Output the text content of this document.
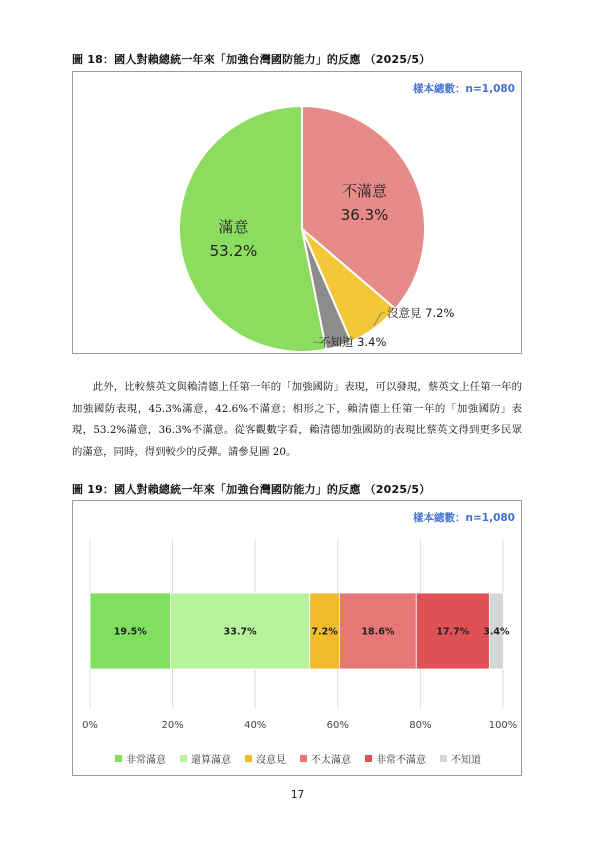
圖 18：國人對賴總統一年來「加強台灣國防能力」的反應 （2025/5）
樣本總數：n=1,080
不滿意
36.3%
滿意
53.2%
沒意見 7.2%
不知道 3.4%

此外，比較蔡英文與賴清德上任第一年的「加強國防」表現，可以發現，蔡英文上任第一年的加強國防表現，45.3%滿意，42.6%不滿意；相形之下，賴清德上任第一年的「加強國防」表現，53.2%滿意，36.3%不滿意。從客觀數字看，賴清德加強國防的表現比蔡英文得到更多民眾的滿意，同時，得到較少的反彈。請參見圖 20。

圖 19：國人對賴總統一年來「加強台灣國防能力」的反應 （2025/5）
樣本總數：n=1,080
0%	20%	40%	60%	80%	100%
19.5%	33.7%	7.2% 18.6%	17.7% 3.4%
非常滿意	還算滿意	沒意見	不太滿意	非常不滿意	不知道
17
